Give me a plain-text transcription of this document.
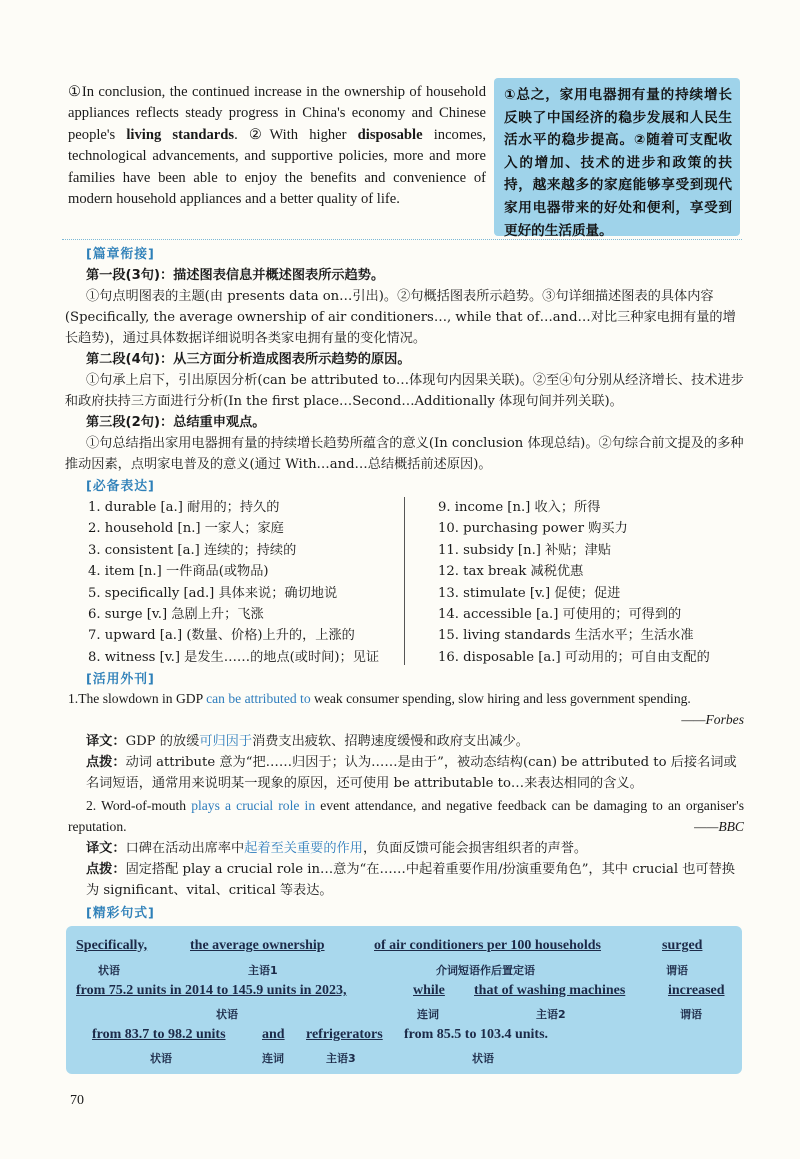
①In conclusion, the continued increase in the ownership of household appliances reflects steady progress in China's economy and Chinese people's living standards. ②With higher disposable incomes, technological advancements, and supportive policies, more and more families have been able to enjoy the benefits and convenience of modern household appliances and a better quality of life.
①总之，家用电器拥有量的持续增长反映了中国经济的稳步发展和人民生活水平的稳步提高。②随着可支配收入的增加、技术的进步和政策的扶持，越来越多的家庭能够享受到现代家用电器带来的好处和便利，享受到更好的生活质量。
[篇章衔接]
第一段(3句)：描述图表信息并概述图表所示趋势。
①句点明图表的主题(由 presents data on…引出)。②句概括图表所示趋势。③句详细描述图表的具体内容(Specifically, the average ownership of air conditioners…, while that of…and…对比三种家电拥有量的增长趋势)，通过具体数据详细说明各类家电拥有量的变化情况。
第二段(4句)：从三方面分析造成图表所示趋势的原因。
①句承上启下，引出原因分析(can be attributed to…体现句内因果关联)。②至④句分别从经济增长、技术进步和政府扶持三方面进行分析(In the first place…Second…Additionally 体现句间并列关联)。
第三段(2句)：总结重申观点。
①句总结指出家用电器拥有量的持续增长趋势所蕴含的意义(In conclusion 体现总结)。②句综合前文提及的多种推动因素，点明家电普及的意义(通过 With…and…总结概括前述原因)。
[必备表达]
1. durable [a.] 耐用的；持久的
2. household [n.] 一家人；家庭
3. consistent [a.] 连续的；持续的
4. item [n.] 一件商品(或物品)
5. specifically [ad.] 具体来说；确切地说
6. surge [v.] 急剧上升；飞涨
7. upward [a.] (数量、价格)上升的，上涨的
8. witness [v.] 是发生……的地点(或时间)；见证
9. income [n.] 收入；所得
10. purchasing power 购买力
11. subsidy [n.] 补贴；津贴
12. tax break 减税优惠
13. stimulate [v.] 促使；促进
14. accessible [a.] 可使用的；可得到的
15. living standards 生活水平；生活水准
16. disposable [a.] 可动用的；可自由支配的
[活用外刊]
1.The slowdown in GDP can be attributed to weak consumer spending, slow hiring and less government spending.
——Forbes
译文：GDP 的放缓可归因于消费支出疲软、招聘速度缓慢和政府支出减少。
点拨：动词 attribute 意为“把……归因于；认为……是由于”，被动态结构(can) be attributed to 后接名词或名词短语，通常用来说明某一现象的原因，还可使用 be attributable to…来表达相同的含义。
2. Word-of-mouth plays a crucial role in event attendance, and negative feedback can be damaging to an organiser's reputation.	——BBC
译文：口碑在活动出席率中起着至关重要的作用，负面反馈可能会损害组织者的声誉。
点拨：固定搭配 play a crucial role in…意为“在……中起着重要作用/扮演重要角色”，其中 crucial 也可替换为 significant、vital、critical 等表达。
[精彩句式]
Specifically,
状语
the average ownership
主语1
of air conditioners per 100 households
介词短语作后置定语
surged
谓语
from 75.2 units in 2014 to 145.9 units in 2023,
状语
while
连词
that of washing machines
主语2
increased
谓语
from 83.7 to 98.2 units
状语
and
连词
refrigerators
主语3
from 85.5 to 103.4 units.
状语
70
